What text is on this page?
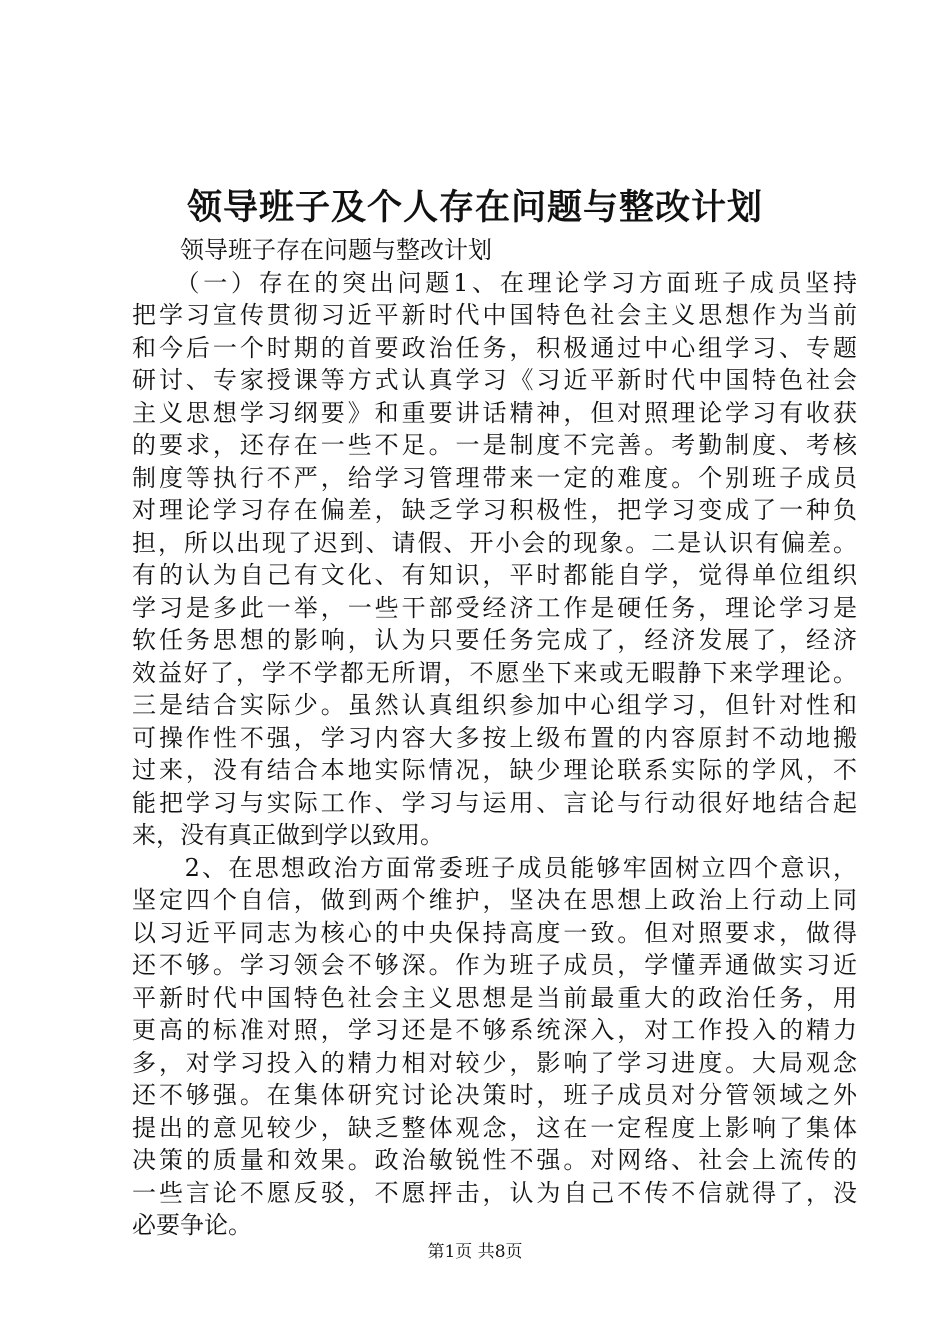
领导班子及个人存在问题与整改计划
　　领导班子存在问题与整改计划
　　（一）存在的突出问题1、在理论学习方面班子成员坚持
把学习宣传贯彻习近平新时代中国特色社会主义思想作为当前
和今后一个时期的首要政治任务，积极通过中心组学习、专题
研讨、专家授课等方式认真学习《习近平新时代中国特色社会
主义思想学习纲要》和重要讲话精神，但对照理论学习有收获
的要求，还存在一些不足。一是制度不完善。考勤制度、考核
制度等执行不严，给学习管理带来一定的难度。个别班子成员
对理论学习存在偏差，缺乏学习积极性，把学习变成了一种负
担，所以出现了迟到、请假、开小会的现象。二是认识有偏差。
有的认为自己有文化、有知识，平时都能自学，觉得单位组织
学习是多此一举，一些干部受经济工作是硬任务，理论学习是
软任务思想的影响，认为只要任务完成了，经济发展了，经济
效益好了，学不学都无所谓，不愿坐下来或无暇静下来学理论。
三是结合实际少。虽然认真组织参加中心组学习，但针对性和
可操作性不强，学习内容大多按上级布置的内容原封不动地搬
过来，没有结合本地实际情况，缺少理论联系实际的学风，不
能把学习与实际工作、学习与运用、言论与行动很好地结合起
来，没有真正做到学以致用。
　　2、在思想政治方面常委班子成员能够牢固树立四个意识，
坚定四个自信，做到两个维护，坚决在思想上政治上行动上同
以习近平同志为核心的中央保持高度一致。但对照要求，做得
还不够。学习领会不够深。作为班子成员，学懂弄通做实习近
平新时代中国特色社会主义思想是当前最重大的政治任务，用
更高的标准对照，学习还是不够系统深入，对工作投入的精力
多，对学习投入的精力相对较少，影响了学习进度。大局观念
还不够强。在集体研究讨论决策时，班子成员对分管领域之外
提出的意见较少，缺乏整体观念，这在一定程度上影响了集体
决策的质量和效果。政治敏锐性不强。对网络、社会上流传的
一些言论不愿反驳，不愿抨击，认为自己不传不信就得了，没
必要争论。
第1页 共8页
